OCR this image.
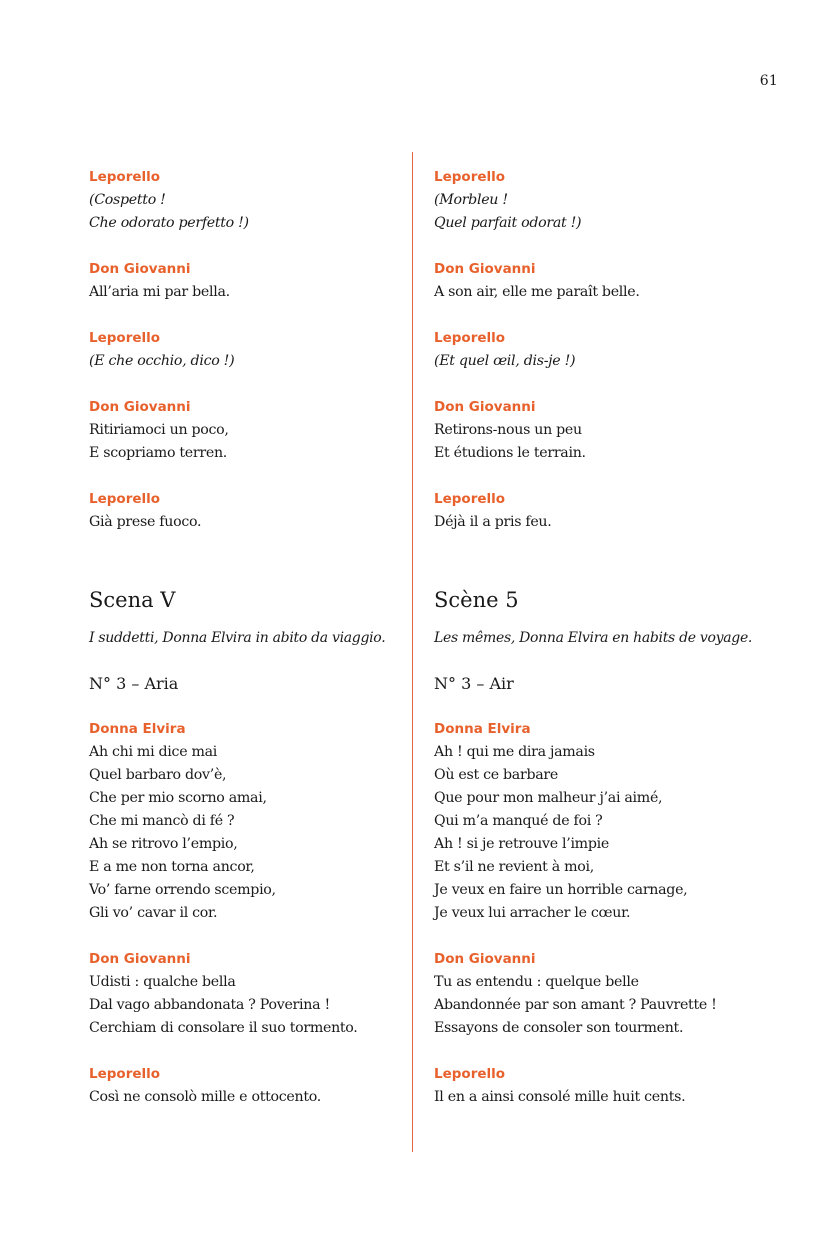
61
Leporello
(Cospetto !
Che odorato perfetto !)
Don Giovanni
All’aria mi par bella.
Leporello
(E che occhio, dico !)
Don Giovanni
Ritiriamoci un poco,
E scopriamo terren.
Leporello
Già prese fuoco.
Scena V
I suddetti, Donna Elvira in abito da viaggio.
N° 3 – Aria
Donna Elvira
Ah chi mi dice mai
Quel barbaro dov’è,
Che per mio scorno amai,
Che mi mancò di fé ?
Ah se ritrovo l’empio,
E a me non torna ancor,
Vo’ farne orrendo scempio,
Gli vo’ cavar il cor.
Don Giovanni
Udisti : qualche bella
Dal vago abbandonata ? Poverina !
Cerchiam di consolare il suo tormento.
Leporello
Così ne consolò mille e ottocento.
Leporello
(Morbleu !
Quel parfait odorat !)
Don Giovanni
A son air, elle me paraît belle.
Leporello
(Et quel œil, dis-je !)
Don Giovanni
Retirons-nous un peu
Et étudions le terrain.
Leporello
Déjà il a pris feu.
Scène 5
Les mêmes, Donna Elvira en habits de voyage.
N° 3 – Air
Donna Elvira
Ah ! qui me dira jamais
Où est ce barbare
Que pour mon malheur j’ai aimé,
Qui m’a manqué de foi ?
Ah ! si je retrouve l’impie
Et s’il ne revient à moi,
Je veux en faire un horrible carnage,
Je veux lui arracher le cœur.
Don Giovanni
Tu as entendu : quelque belle
Abandonnée par son amant ? Pauvrette !
Essayons de consoler son tourment.
Leporello
Il en a ainsi consolé mille huit cents.
